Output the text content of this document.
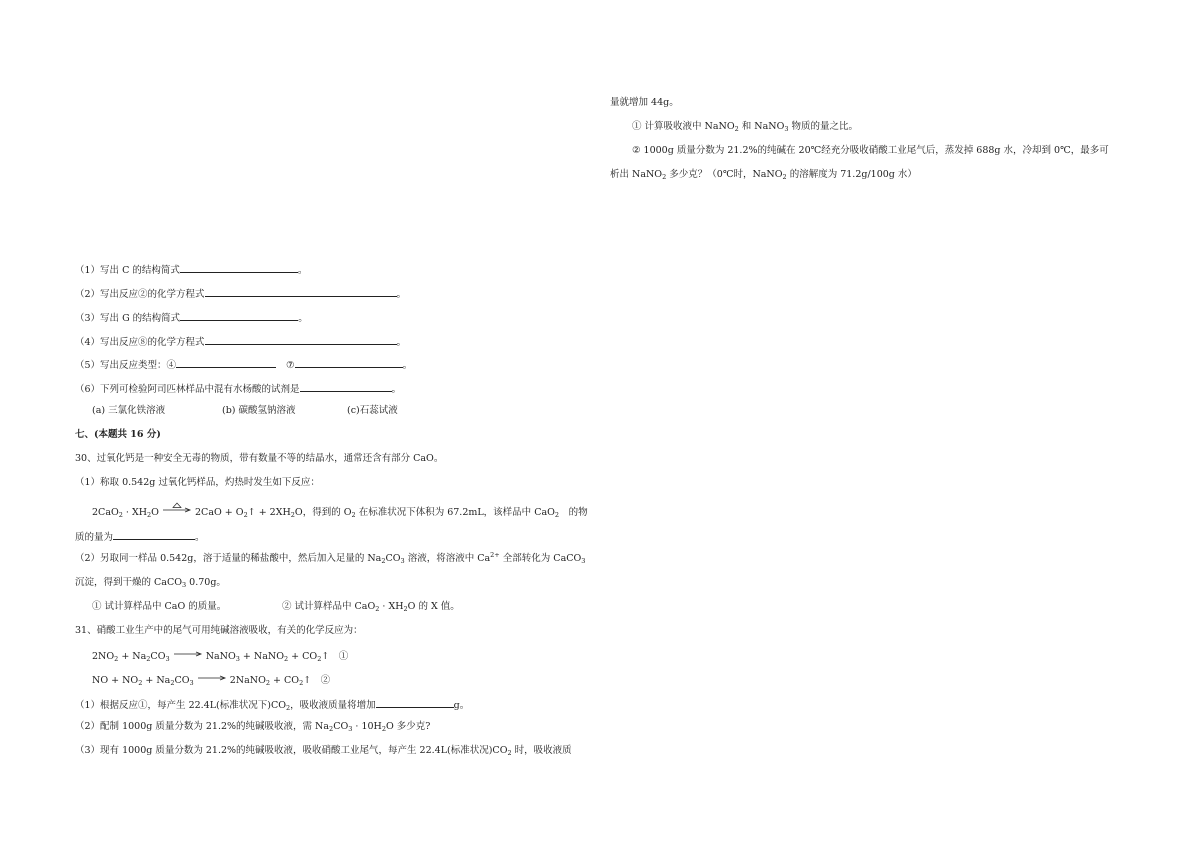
量就增加 44g。
① 计算吸收液中 NaNO$_2$ 和 NaNO$_3$ 物质的量之比。
② 1000g 质量分数为 21.2%的纯碱在 20℃经充分吸收硝酸工业尾气后，蒸发掉 688g 水，冷却到 0℃，最多可
析出 NaNO$_2$ 多少克？（0℃时，NaNO$_2$ 的溶解度为 71.2g/100g 水）
（1）写出 C 的结构简式	。
（2）写出反应②的化学方程式	。
（3）写出 G 的结构简式	。
（4）写出反应⑧的化学方程式	。
（5）写出反应类型：④	⑦	。
（6）下列可检验阿司匹林样品中混有水杨酸的试剂是	。
(a) 三氯化铁溶液	(b) 碳酸氢钠溶液	(c)石蕊试液
七、(本题共 16 分)
30、过氧化钙是一种安全无毒的物质，带有数量不等的结晶水，通常还含有部分 CaO。
（1）称取 0.542g 过氧化钙样品，灼热时发生如下反应：
$2CaO_2 \cdot XH_2O$	$2CaO + O_2↑ + 2XH_2O$，得到的 $O_2$ 在标准状况下体积为 67.2mL，该样品中 CaO$_2$　的物
质的量为	。
（2）另取同一样品 0.542g，溶于适量的稀盐酸中，然后加入足量的 $Na_2CO_3$ 溶液，将溶液中 $Ca^{2+}$ 全部转化为 CaCO$_3$
沉淀，得到干燥的 CaCO$_3$ 0.70g。
① 试计算样品中 CaO 的质量。	② 试计算样品中 $CaO_2 \cdot XH_2O$ 的 X 值。
31、硝酸工业生产中的尾气可用纯碱溶液吸收，有关的化学反应为：
$2NO_2 + Na_2CO_3$ → NaNO$_3$ + NaNO$_2$ + $CO_2↑$　①
NO + $NO_2 + Na_2CO_3$ → 2NaNO$_2$ + $CO_2↑$　②
（1）根据反应①，每产生 22.4L(标准状况下)$CO_2$，吸收液质量将增加	g。
（2）配制 1000g 质量分数为 21.2%的纯碱吸收液，需 $Na_2CO_3 \cdot 10H_2O$ 多少克?
（3）现有 1000g 质量分数为 21.2%的纯碱吸收液，吸收硝酸工业尾气，每产生 22.4L(标准状况)$CO_2$ 时，吸收液质
